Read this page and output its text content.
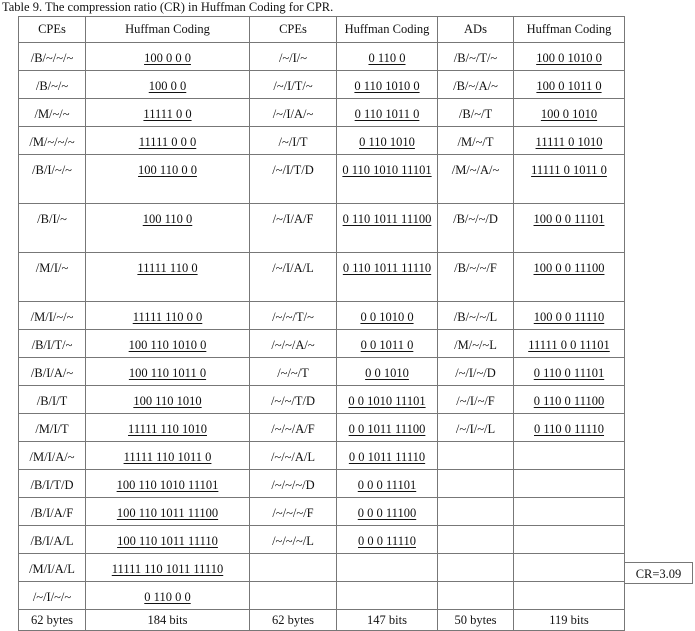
Table 9. The compression ratio (CR) in Huffman Coding for CPR.
CPEs	Huffman Coding	CPEs	Huffman Coding	ADs	Huffman Coding
/B/~/~/~	100 0 0 0	/~/I/~	0 110 0	/B/~/T/~	100 0 1010 0
/B/~/~	100 0 0	/~/I/T/~	0 110 1010 0	/B/~/A/~	100 0 1011 0
/M/~/~	11111 0 0	/~/I/A/~	0 110 1011 0	/B/~/T	100 0 1010
/M/~/~/~	11111 0 0 0	/~/I/T	0 110 1010	/M/~/T	11111 0 1010
/B/I/~/~	100 110 0 0	/~/I/T/D	0 110 1010 11101	/M/~/A/~	11111 0 1011 0
/B/I/~	100 110 0	/~/I/A/F	0 110 1011 11100	/B/~/~/D	100 0 0 11101
/M/I/~	11111 110 0	/~/I/A/L	0 110 1011 11110	/B/~/~/F	100 0 0 11100
/M/I/~/~	11111 110 0 0	/~/~/T/~	0 0 1010 0	/B/~/~/L	100 0 0 11110
/B/I/T/~	100 110 1010 0	/~/~/A/~	0 0 1011 0	/M/~/~L	11111 0 0 11101
/B/I/A/~	100 110 1011 0	/~/~/T	0 0 1010	/~/I/~/D	0 110 0 11101
/B/I/T	100 110 1010	/~/~/T/D	0 0 1010 11101	/~/I/~/F	0 110 0 11100
/M/I/T	11111 110 1010	/~/~/A/F	0 0 1011 11100	/~/I/~/L	0 110 0 11110
/M/I/A/~	11111 110 1011 0	/~/~/A/L	0 0 1011 11110		
/B/I/T/D	100 110 1010 11101	/~/~/~/D	0 0 0 11101		
/B/I/A/F	100 110 1011 11100	/~/~/~/F	0 0 0 11100		
/B/I/A/L	100 110 1011 11110	/~/~/~/L	0 0 0 11110		
/M/I/A/L	11111 110 1011 11110				
/~/I/~/~	0 110 0 0				
62 bytes	184 bits	62 bytes	147 bits	50 bytes	119 bits
CR=3.09
